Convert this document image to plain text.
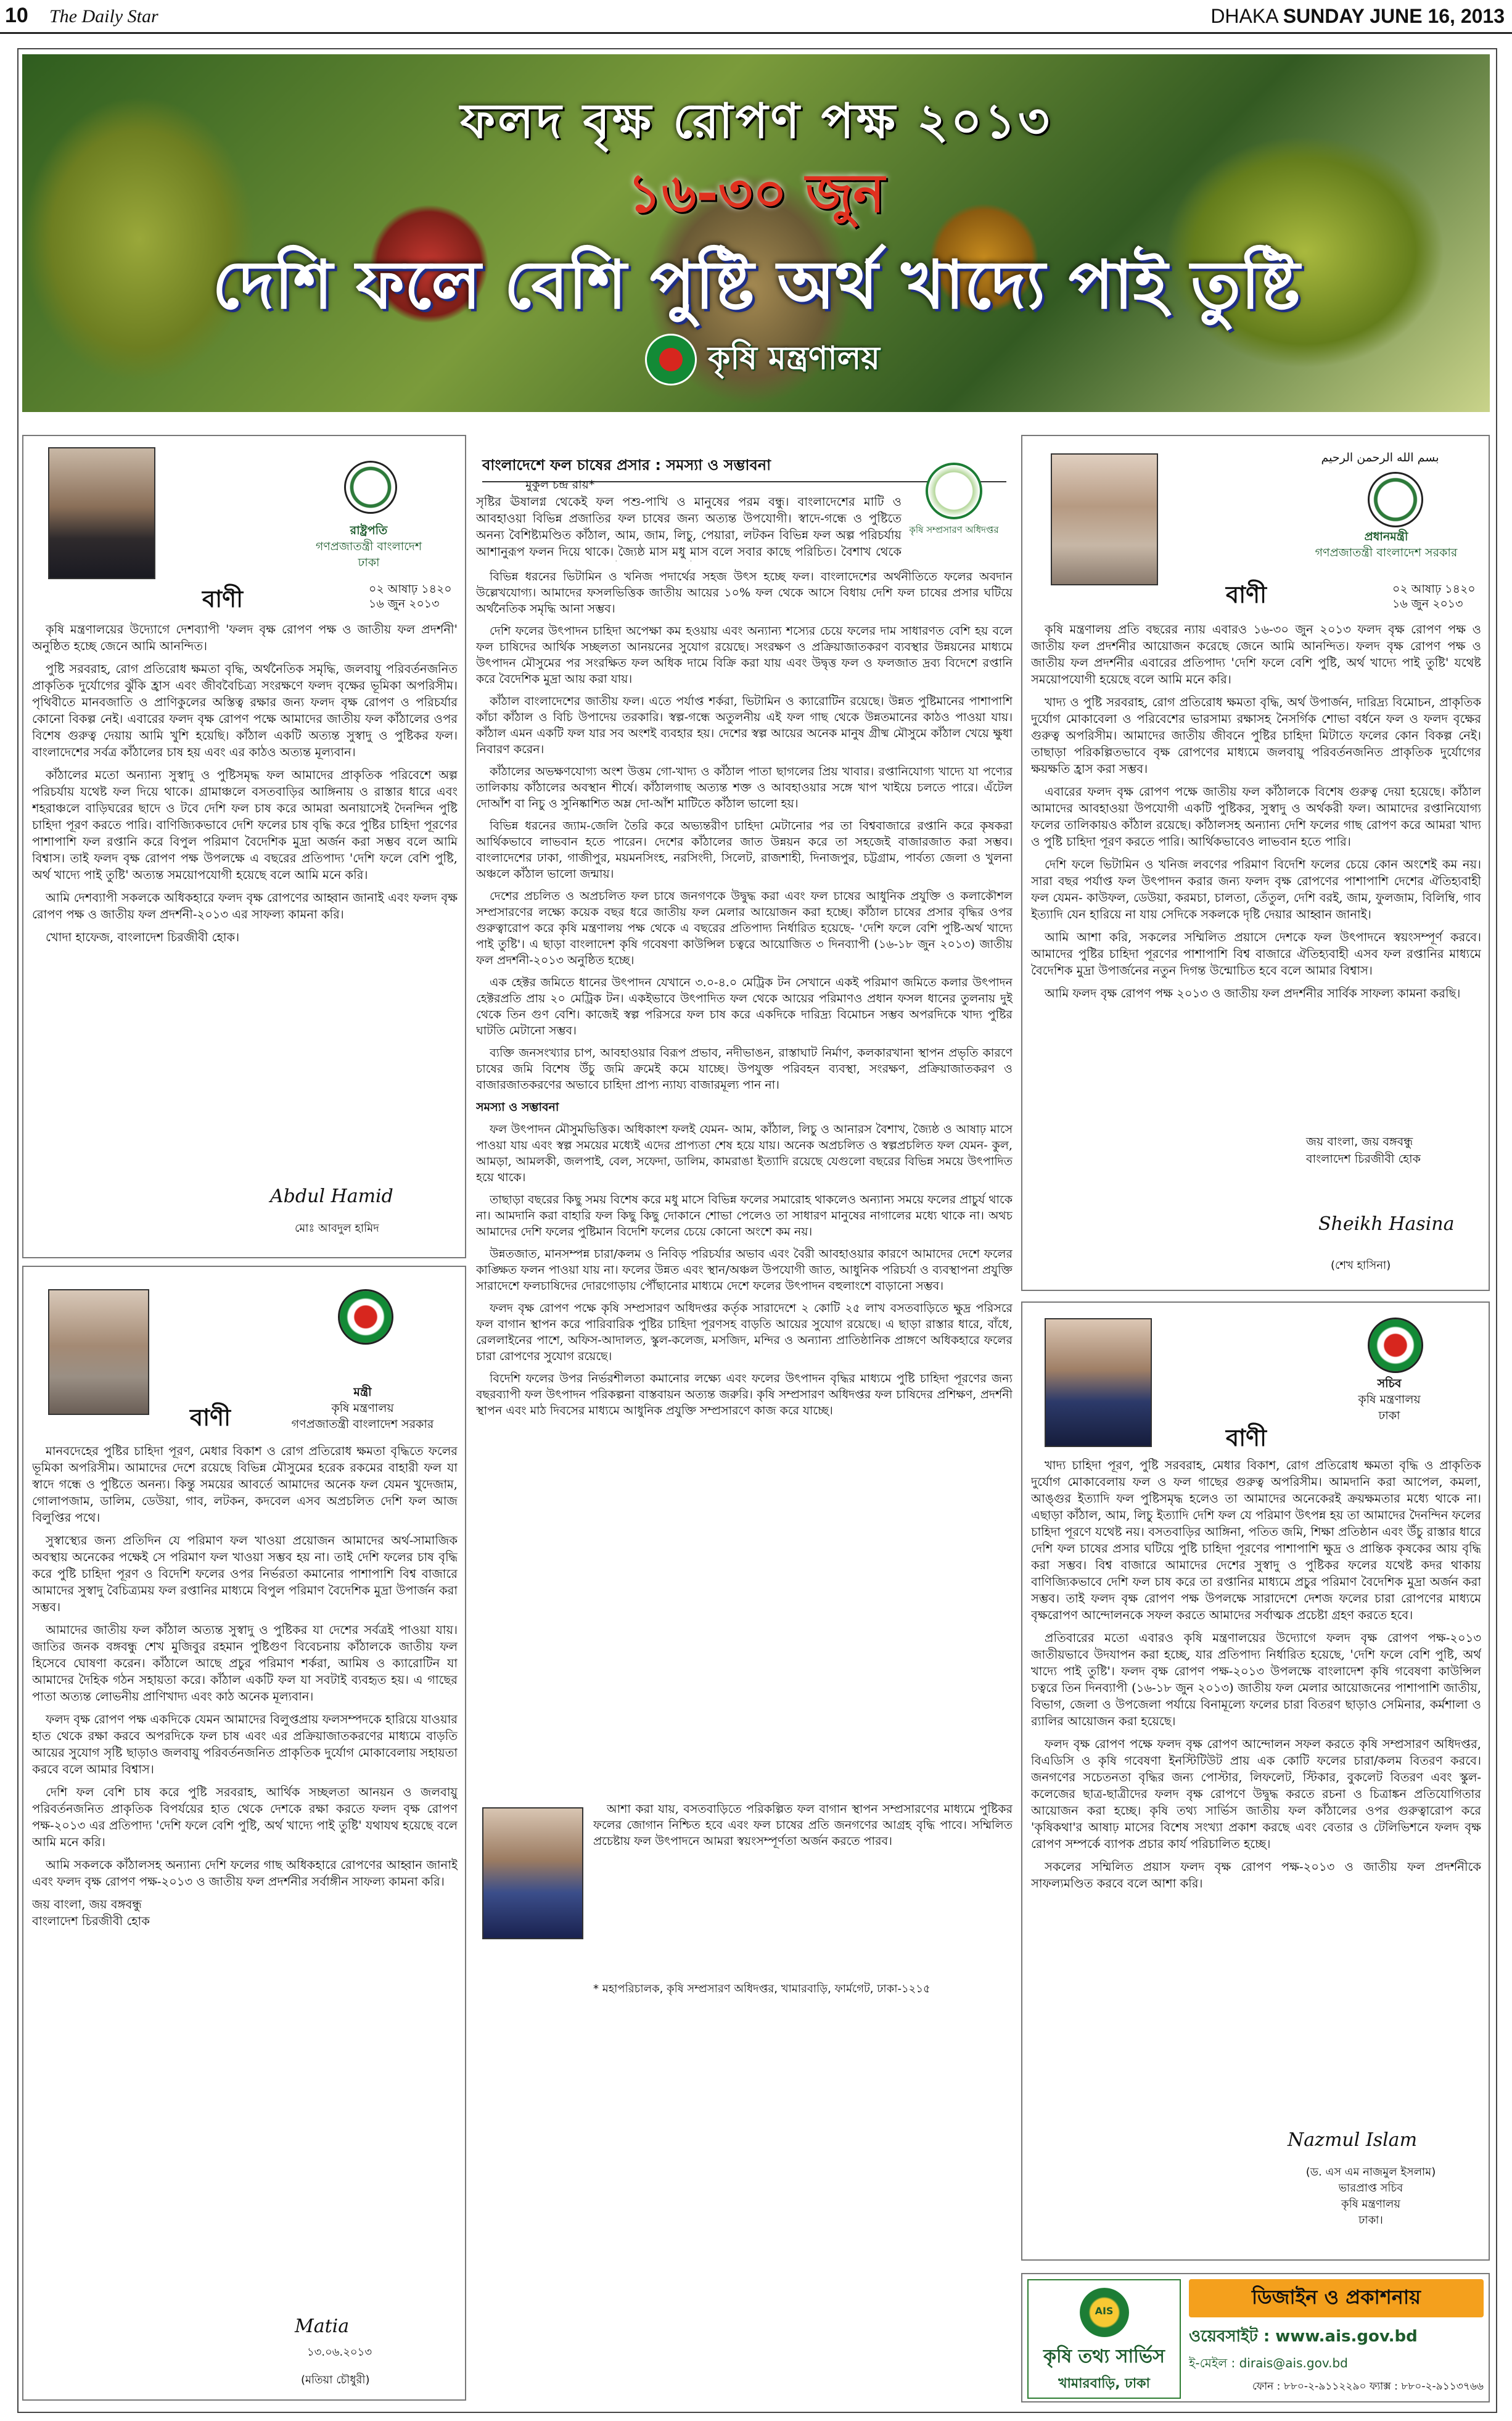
10 The Daily Star	DHAKA SUNDAY JUNE 16, 2013
ফলদ বৃক্ষ রোপণ পক্ষ ২০১৩
১৬-৩০ জুন
দেশি ফলে বেশি পুষ্টি অর্থ খাদ্যে পাই তুষ্টি
কৃষি মন্ত্রণালয়
রাষ্ট্রপতি
গণপ্রজাতন্ত্রী বাংলাদেশ
ঢাকা
বাণী	০২ আষাঢ় ১৪২০
১৬ জুন ২০১৩

কৃষি মন্ত্রণালয়ের উদ্যোগে দেশব্যাপী 'ফলদ বৃক্ষ রোপণ পক্ষ ও জাতীয় ফল প্রদর্শনী' অনুষ্ঠিত হচ্ছে জেনে আমি আনন্দিত।

পুষ্টি সরবরাহ, রোগ প্রতিরোধ ক্ষমতা বৃদ্ধি, অর্থনৈতিক সমৃদ্ধি, জলবায়ু পরিবর্তনজনিত প্রাকৃতিক দুর্যোগের ঝুঁকি হ্রাস এবং জীববৈচিত্র্য সংরক্ষণে ফলদ বৃক্ষের ভূমিকা অপরিসীম। পৃথিবীতে মানবজাতি ও প্রাণিকুলের অস্তিত্ব রক্ষার জন্য ফলদ বৃক্ষ রোপণ ও পরিচর্যার কোনো বিকল্প নেই। এবারের ফলদ বৃক্ষ রোপণ পক্ষে আমাদের জাতীয় ফল কাঁঠালের ওপর বিশেষ গুরুত্ব দেয়ায় আমি খুশি হয়েছি। কাঁঠাল একটি অত্যন্ত সুস্বাদু ও পুষ্টিকর ফল। বাংলাদেশের সর্বত্র কাঁঠালের চাষ হয় এবং এর কাঠও অত্যন্ত মূল্যবান।

কাঁঠালের মতো অন্যান্য সুস্বাদু ও পুষ্টিসমৃদ্ধ ফল আমাদের প্রাকৃতিক পরিবেশে অল্প পরিচর্যায় যথেষ্ট ফল দিয়ে থাকে। গ্রামাঞ্চলে বসতবাড়ির আঙ্গিনায় ও রাস্তার ধারে এবং শহরাঞ্চলে বাড়িঘরের ছাদে ও টবে দেশি ফল চাষ করে আমরা অনায়াসেই দৈনন্দিন পুষ্টি চাহিদা পূরণ করতে পারি। বাণিজ্যিকভাবে দেশি ফলের চাষ বৃদ্ধি করে পুষ্টির চাহিদা পূরণের পাশাপাশি ফল রপ্তানি করে বিপুল পরিমাণ বৈদেশিক মুদ্রা অর্জন করা সম্ভব বলে আমি বিশ্বাস। তাই ফলদ বৃক্ষ রোপণ পক্ষ উপলক্ষে এ বছরের প্রতিপাদ্য 'দেশি ফলে বেশি পুষ্টি, অর্থ খাদ্যে পাই তুষ্টি' অত্যন্ত সময়োপযোগী হয়েছে বলে আমি মনে করি।

আমি দেশব্যাপী সকলকে অধিকহারে ফলদ বৃক্ষ রোপণের আহ্বান জানাই এবং ফলদ বৃক্ষ রোপণ পক্ষ ও জাতীয় ফল প্রদর্শনী-২০১৩ এর সাফল্য কামনা করি।

খোদা হাফেজ, বাংলাদেশ চিরজীবী হোক।

Abdul Hamid
মোঃ আবদুল হামিদ
মন্ত্রী
কৃষি মন্ত্রণালয়
গণপ্রজাতন্ত্রী বাংলাদেশ সরকার
বাণী

মানবদেহের পুষ্টির চাহিদা পূরণ, মেধার বিকাশ ও রোগ প্রতিরোধ ক্ষমতা বৃদ্ধিতে ফলের ভূমিকা অপরিসীম। আমাদের দেশে রয়েছে বিভিন্ন মৌসুমের হরেক রকমের বাহারী ফল যা স্বাদে গন্ধে ও পুষ্টিতে অনন্য। কিন্তু সময়ের আবর্তে আমাদের অনেক ফল যেমন খুদেজাম, গোলাপজাম, ডালিম, ডেউয়া, গাব, লটকন, কদবেল এসব অপ্রচলিত দেশি ফল আজ বিলুপ্তির পথে।

সুস্বাস্থ্যের জন্য প্রতিদিন যে পরিমাণ ফল খাওয়া প্রয়োজন আমাদের অর্থ-সামাজিক অবস্থায় অনেকের পক্ষেই সে পরিমাণ ফল খাওয়া সম্ভব হয় না। তাই দেশি ফলের চাষ বৃদ্ধি করে পুষ্টি চাহিদা পূরণ ও বিদেশি ফলের ওপর নির্ভরতা কমানোর পাশাপাশি বিশ্ব বাজারে আমাদের সুস্বাদু বৈচিত্র্যময় ফল রপ্তানির মাধ্যমে বিপুল পরিমাণ বৈদেশিক মুদ্রা উপার্জন করা সম্ভব।

আমাদের জাতীয় ফল কাঁঠাল অত্যন্ত সুস্বাদু ও পুষ্টিকর যা দেশের সর্বত্রই পাওয়া যায়। জাতির জনক বঙ্গবন্ধু শেখ মুজিবুর রহমান পুষ্টিগুণ বিবেচনায় কাঁঠালকে জাতীয় ফল হিসেবে ঘোষণা করেন। কাঁঠালে আছে প্রচুর পরিমাণ শর্করা, আমিষ ও ক্যারোটিন যা আমাদের দৈহিক গঠন সহায়তা করে। কাঁঠাল একটি ফল যা সবটাই ব্যবহৃত হয়। এ গাছের পাতা অত্যন্ত লোভনীয় প্রাণিখাদ্য এবং কাঠ অনেক মূল্যবান।

ফলদ বৃক্ষ রোপণ পক্ষ একদিকে যেমন আমাদের বিলুপ্তপ্রায় ফলসম্পদকে হারিয়ে যাওয়ার হাত থেকে রক্ষা করবে অপরদিকে ফল চাষ এবং এর প্রক্রিয়াজাতকরণের মাধ্যমে বাড়তি আয়ের সুযোগ সৃষ্টি ছাড়াও জলবায়ু পরিবর্তনজনিত প্রাকৃতিক দুর্যোগ মোকাবেলায় সহায়তা করবে বলে আমার বিশ্বাস।

দেশি ফল বেশি চাষ করে পুষ্টি সরবরাহ, আর্থিক সচ্ছলতা আনয়ন ও জলবায়ু পরিবর্তনজনিত প্রাকৃতিক বিপর্যয়ের হাত থেকে দেশকে রক্ষা করতে ফলদ বৃক্ষ রোপণ পক্ষ-২০১৩ এর প্রতিপাদ্য 'দেশি ফলে বেশি পুষ্টি, অর্থ খাদ্যে পাই তুষ্টি' যথাযথ হয়েছে বলে আমি মনে করি।

আমি সকলকে কাঁঠালসহ অন্যান্য দেশি ফলের গাছ অধিকহারে রোপণের আহ্বান জানাই এবং ফলদ বৃক্ষ রোপণ পক্ষ-২০১৩ ও জাতীয় ফল প্রদর্শনীর সর্বাঙ্গীন সাফল্য কামনা করি।

জয় বাংলা, জয় বঙ্গবন্ধু

বাংলাদেশ চিরজীবী হোক

Matia
১৩.০৬.২০১৩
(মতিয়া চৌধুরী)
বাংলাদেশে ফল চাষের প্রসার : সমস্যা ও সম্ভাবনা
মুকুল চন্দ্র রায়*
কৃষি সম্প্রসারণ অধিদপ্তর

সৃষ্টির ঊষালগ্ন থেকেই ফল পশু-পাখি ও মানুষের পরম বন্ধু। বাংলাদেশের মাটি ও আবহাওয়া বিভিন্ন প্রজাতির ফল চাষের জন্য অত্যন্ত উপযোগী। স্বাদে-গন্ধে ও পুষ্টিতে অনন্য বৈশিষ্ট্যমণ্ডিত কাঁঠাল, আম, জাম, লিচু, পেয়ারা, লটকন বিভিন্ন ফল অল্প পরিচর্যায় আশানুরূপ ফলন দিয়ে থাকে। জ্যৈষ্ঠ মাস মধু মাস বলে সবার কাছে পরিচিত। বৈশাখ থেকে

বিভিন্ন ধরনের ভিটামিন ও খনিজ পদার্থের সহজ উৎস হচ্ছে ফল। বাংলাদেশের অর্থনীতিতে ফলের অবদান উল্লেখযোগ্য। আমাদের ফসলভিত্তিক জাতীয় আয়ের ১০% ফল থেকে আসে বিধায় দেশি ফল চাষের প্রসার ঘটিয়ে অর্থনৈতিক সমৃদ্ধি আনা সম্ভব।

দেশি ফলের উৎপাদন চাহিদা অপেক্ষা কম হওয়ায় এবং অন্যান্য শস্যের চেয়ে ফলের দাম সাধারণত বেশি হয় বলে ফল চাষিদের আর্থিক সচ্ছলতা আনয়নের সুযোগ রয়েছে। সংরক্ষণ ও প্রক্রিয়াজাতকরণ ব্যবস্থার উন্নয়নের মাধ্যমে উৎপাদন মৌসুমের পর সংরক্ষিত ফল অধিক দামে বিক্রি করা যায় এবং উদ্বৃত্ত ফল ও ফলজাত দ্রব্য বিদেশে রপ্তানি করে বৈদেশিক মুদ্রা আয় করা যায়।

কাঁঠাল বাংলাদেশের জাতীয় ফল। এতে পর্যাপ্ত শর্করা, ভিটামিন ও ক্যারোটিন রয়েছে। উন্নত পুষ্টিমানের পাশাপাশি কাঁচা কাঁঠাল ও বিচি উপাদেয় তরকারি। স্বল্প-গন্ধে অতুলনীয় এই ফল গাছ থেকে উন্নতমানের কাঠও পাওয়া যায়। কাঁঠাল এমন একটি ফল যার সব অংশই ব্যবহার হয়। দেশের স্বল্প আয়ের অনেক মানুষ গ্রীষ্ম মৌসুমে কাঁঠাল খেয়ে ক্ষুধা নিবারণ করেন।

কাঁঠালের অভক্ষণযোগ্য অংশ উত্তম গো-খাদ্য ও কাঁঠাল পাতা ছাগলের প্রিয় খাবার। রপ্তানিযোগ্য খাদ্যে যা পণ্যের তালিকায় কাঁঠালের অবস্থান শীর্ষে। কাঁঠালগাছ অত্যন্ত শক্ত ও আবহাওয়ার সঙ্গে খাপ খাইয়ে চলতে পারে। এঁটেল দোআঁশ বা নিচু ও সুনিষ্কাশিত অম্ল দো-আঁশ মাটিতে কাঁঠাল ভালো হয়।

বিভিন্ন ধরনের জ্যাম-জেলি তৈরি করে অভ্যন্তরীণ চাহিদা মেটানোর পর তা বিশ্ববাজারে রপ্তানি করে কৃষকরা আর্থিকভাবে লাভবান হতে পারেন। দেশের কাঁঠালের জাত উন্নয়ন করে তা সহজেই বাজারজাত করা সম্ভব। বাংলাদেশের ঢাকা, গাজীপুর, ময়মনসিংহ, নরসিংদী, সিলেট, রাজশাহী, দিনাজপুর, চট্টগ্রাম, পার্বত্য জেলা ও খুলনা অঞ্চলে কাঁঠাল ভালো জন্মায়।

দেশের প্রচলিত ও অপ্রচলিত ফল চাষে জনগণকে উদ্বুদ্ধ করা এবং ফল চাষের আধুনিক প্রযুক্তি ও কলাকৌশল সম্প্রসারণের লক্ষ্যে কয়েক বছর ধরে জাতীয় ফল মেলার আয়োজন করা হচ্ছে। কাঁঠাল চাষের প্রসার বৃদ্ধির ওপর গুরুত্বারোপ করে কৃষি মন্ত্রণালয় পক্ষ থেকে এ বছরের প্রতিপাদ্য নির্ধারিত হয়েছে- 'দেশি ফলে বেশি পুষ্টি-অর্থ খাদ্যে পাই তুষ্টি'। এ ছাড়া বাংলাদেশ কৃষি গবেষণা কাউন্সিল চত্বরে আয়োজিত ৩ দিনব্যাপী (১৬-১৮ জুন ২০১৩) জাতীয় ফল প্রদর্শনী-২০১৩ অনুষ্ঠিত হচ্ছে।

এক হেক্টর জমিতে ধানের উৎপাদন যেখানে ৩.০-৪.০ মেট্রিক টন সেখানে একই পরিমাণ জমিতে কলার উৎপাদন হেক্টরপ্রতি প্রায় ২০ মেট্রিক টন। একইভাবে উৎপাদিত ফল থেকে আয়ের পরিমাণও প্রধান ফসল ধানের তুলনায় দুই থেকে তিন গুণ বেশি। কাজেই স্বল্প পরিসরে ফল চাষ করে একদিকে দারিদ্র্য বিমোচন সম্ভব অপরদিকে খাদ্য পুষ্টির ঘাটতি মেটানো সম্ভব।

ব্যক্তি জনসংখ্যার চাপ, আবহাওয়ার বিরূপ প্রভাব, নদীভাঙন, রাস্তাঘাট নির্মাণ, কলকারখানা স্থাপন প্রভৃতি কারণে চাষের জমি বিশেষ উঁচু জমি ক্রমেই কমে যাচ্ছে। উপযুক্ত পরিবহন ব্যবস্থা, সংরক্ষণ, প্রক্রিয়াজাতকরণ ও বাজারজাতকরণের অভাবে চাহিদা প্রাপ্য ন্যায্য বাজারমূল্য পান না।

সমস্যা ও সম্ভাবনা

ফল উৎপাদন মৌসুমভিত্তিক। অধিকাংশ ফলই যেমন- আম, কাঁঠাল, লিচু ও আনারস বৈশাখ, জ্যৈষ্ঠ ও আষাঢ় মাসে পাওয়া যায় এবং স্বল্প সময়ের মধ্যেই এদের প্রাপ্যতা শেষ হয়ে যায়। অনেক অপ্রচলিত ও স্বল্পপ্রচলিত ফল যেমন- কুল, আমড়া, আমলকী, জলপাই, বেল, সফেদা, ডালিম, কামরাঙা ইত্যাদি রয়েছে যেগুলো বছরের বিভিন্ন সময়ে উৎপাদিত হয়ে থাকে।

তাছাড়া বছরের কিছু সময় বিশেষ করে মধু মাসে বিভিন্ন ফলের সমারোহ থাকলেও অন্যান্য সময়ে ফলের প্রাচুর্য থাকে না। আমদানি করা বাহারি ফল কিছু কিছু দোকানে শোভা পেলেও তা সাধারণ মানুষের নাগালের মধ্যে থাকে না। অথচ আমাদের দেশি ফলের পুষ্টিমান বিদেশি ফলের চেয়ে কোনো অংশে কম নয়।

উন্নতজাত, মানসম্পন্ন চারা/কলম ও নিবিড় পরিচর্যার অভাব এবং বৈরী আবহাওয়ার কারণে আমাদের দেশে ফলের কাঙ্ক্ষিত ফলন পাওয়া যায় না। ফলের উন্নত এবং স্থান/অঞ্চল উপযোগী জাত, আধুনিক পরিচর্যা ও ব্যবস্থাপনা প্রযুক্তি সারাদেশে ফলচাষিদের দোরগোড়ায় পৌঁছানোর মাধ্যমে দেশে ফলের উৎপাদন বহুলাংশে বাড়ানো সম্ভব।

ফলদ বৃক্ষ রোপণ পক্ষে কৃষি সম্প্রসারণ অধিদপ্তর কর্তৃক সারাদেশে ২ কোটি ২৫ লাখ বসতবাড়িতে ক্ষুদ্র পরিসরে ফল বাগান স্থাপন করে পারিবারিক পুষ্টির চাহিদা পূরণসহ বাড়তি আয়ের সুযোগ রয়েছে। এ ছাড়া রাস্তার ধারে, বাঁধে, রেললাইনের পাশে, অফিস-আদালত, স্কুল-কলেজ, মসজিদ, মন্দির ও অন্যান্য প্রাতিষ্ঠানিক প্রাঙ্গণে অধিকহারে ফলের চারা রোপণের সুযোগ রয়েছে।

বিদেশি ফলের উপর নির্ভরশীলতা কমানোর লক্ষ্যে এবং ফলের উৎপাদন বৃদ্ধির মাধ্যমে পুষ্টি চাহিদা পূরণের জন্য বছরব্যাপী ফল উৎপাদন পরিকল্পনা বাস্তবায়ন অত্যন্ত জরুরি। কৃষি সম্প্রসারণ অধিদপ্তর ফল চাষিদের প্রশিক্ষণ, প্রদর্শনী স্থাপন এবং মাঠ দিবসের মাধ্যমে আধুনিক প্রযুক্তি সম্প্রসারণে কাজ করে যাচ্ছে।

আশা করা যায়, বসতবাড়িতে পরিকল্পিত ফল বাগান স্থাপন সম্প্রসারণের মাধ্যমে পুষ্টিকর ফলের জোগান নিশ্চিত হবে এবং ফল চাষের প্রতি জনগণের আগ্রহ বৃদ্ধি পাবে। সম্মিলিত প্রচেষ্টায় ফল উৎপাদনে আমরা স্বয়ংসম্পূর্ণতা অর্জন করতে পারব।

* মহাপরিচালক, কৃষি সম্প্রসারণ অধিদপ্তর, খামারবাড়ি, ফার্মগেট, ঢাকা-১২১৫
بسم الله الرحمن الرحيم
প্রধানমন্ত্রী
গণপ্রজাতন্ত্রী বাংলাদেশ সরকার
বাণী	০২ আষাঢ় ১৪২০
১৬ জুন ২০১৩

কৃষি মন্ত্রণালয় প্রতি বছরের ন্যায় এবারও ১৬-৩০ জুন ২০১৩ ফলদ বৃক্ষ রোপণ পক্ষ ও জাতীয় ফল প্রদর্শনীর আয়োজন করেছে জেনে আমি আনন্দিত। ফলদ বৃক্ষ রোপণ পক্ষ ও জাতীয় ফল প্রদর্শনীর এবারের প্রতিপাদ্য 'দেশি ফলে বেশি পুষ্টি, অর্থ খাদ্যে পাই তুষ্টি' যথেষ্ট সময়োপযোগী হয়েছে বলে আমি মনে করি।

খাদ্য ও পুষ্টি সরবরাহ, রোগ প্রতিরোধ ক্ষমতা বৃদ্ধি, অর্থ উপার্জন, দারিদ্র্য বিমোচন, প্রাকৃতিক দুর্যোগ মোকাবেলা ও পরিবেশের ভারসাম্য রক্ষাসহ নৈসর্গিক শোভা বর্ধনে ফল ও ফলদ বৃক্ষের গুরুত্ব অপরিসীম। আমাদের জাতীয় জীবনে পুষ্টির চাহিদা মিটাতে ফলের কোন বিকল্প নেই। তাছাড়া পরিকল্পিতভাবে বৃক্ষ রোপণের মাধ্যমে জলবায়ু পরিবর্তনজনিত প্রাকৃতিক দুর্যোগের ক্ষয়ক্ষতি হ্রাস করা সম্ভব।

এবারের ফলদ বৃক্ষ রোপণ পক্ষে জাতীয় ফল কাঁঠালকে বিশেষ গুরুত্ব দেয়া হয়েছে। কাঁঠাল আমাদের আবহাওয়া উপযোগী একটি পুষ্টিকর, সুস্বাদু ও অর্থকরী ফল। আমাদের রপ্তানিযোগ্য ফলের তালিকায়ও কাঁঠাল রয়েছে। কাঁঠালসহ অন্যান্য দেশি ফলের গাছ রোপণ করে আমরা খাদ্য ও পুষ্টি চাহিদা পূরণ করতে পারি। আর্থিকভাবেও লাভবান হতে পারি।

দেশি ফলে ভিটামিন ও খনিজ লবণের পরিমাণ বিদেশি ফলের চেয়ে কোন অংশেই কম নয়। সারা বছর পর্যাপ্ত ফল উৎপাদন করার জন্য ফলদ বৃক্ষ রোপণের পাশাপাশি দেশের ঐতিহ্যবাহী ফল যেমন- কাউফল, ডেউয়া, করমচা, চালতা, তেঁতুল, দেশি বরই, জাম, ফুলজাম, বিলিম্বি, গাব ইত্যাদি যেন হারিয়ে না যায় সেদিকে সকলকে দৃষ্টি দেয়ার আহ্বান জানাই।

আমি আশা করি, সকলের সম্মিলিত প্রয়াসে দেশকে ফল উৎপাদনে স্বয়ংসম্পূর্ণ করবে। আমাদের পুষ্টির চাহিদা পূরণের পাশাপাশি বিশ্ব বাজারে ঐতিহ্যবাহী এসব ফল রপ্তানির মাধ্যমে বৈদেশিক মুদ্রা উপার্জনের নতুন দিগন্ত উন্মোচিত হবে বলে আমার বিশ্বাস।

আমি ফলদ বৃক্ষ রোপণ পক্ষ ২০১৩ ও জাতীয় ফল প্রদর্শনীর সার্বিক সাফল্য কামনা করছি।

জয় বাংলা, জয় বঙ্গবন্ধু
বাংলাদেশ চিরজীবী হোক
Sheikh Hasina
(শেখ হাসিনা)
সচিব
কৃষি মন্ত্রণালয়
ঢাকা
বাণী

খাদ্য চাহিদা পূরণ, পুষ্টি সরবরাহ, মেধার বিকাশ, রোগ প্রতিরোধ ক্ষমতা বৃদ্ধি ও প্রাকৃতিক দুর্যোগ মোকাবেলায় ফল ও ফল গাছের গুরুত্ব অপরিসীম। আমদানি করা আপেল, কমলা, আঙ্গুর ইত্যাদি ফল পুষ্টিসমৃদ্ধ হলেও তা আমাদের অনেকেরই ক্রয়ক্ষমতার মধ্যে থাকে না। এছাড়া কাঁঠাল, আম, লিচু ইত্যাদি দেশি ফল যে পরিমাণ উৎপন্ন হয় তা আমাদের দৈনন্দিন ফলের চাহিদা পূরণে যথেষ্ট নয়। বসতবাড়ির আঙ্গিনা, পতিত জমি, শিক্ষা প্রতিষ্ঠান এবং উঁচু রাস্তার ধারে দেশি ফল চাষের প্রসার ঘটিয়ে পুষ্টি চাহিদা পূরণের পাশাপাশি ক্ষুদ্র ও প্রান্তিক কৃষকের আয় বৃদ্ধি করা সম্ভব। বিশ্ব বাজারে আমাদের দেশের সুস্বাদু ও পুষ্টিকর ফলের যথেষ্ট কদর থাকায় বাণিজ্যিকভাবে দেশি ফল চাষ করে তা রপ্তানির মাধ্যমে প্রচুর পরিমাণ বৈদেশিক মুদ্রা অর্জন করা সম্ভব। তাই ফলদ বৃক্ষ রোপণ পক্ষ উপলক্ষে সারাদেশে দেশজ ফলের চারা রোপণের মাধ্যমে বৃক্ষরোপণ আন্দোলনকে সফল করতে আমাদের সর্বাত্মক প্রচেষ্টা গ্রহণ করতে হবে।

প্রতিবারের মতো এবারও কৃষি মন্ত্রণালয়ের উদ্যোগে ফলদ বৃক্ষ রোপণ পক্ষ-২০১৩ জাতীয়ভাবে উদযাপন করা হচ্ছে, যার প্রতিপাদ্য নির্ধারিত হয়েছে, 'দেশি ফলে বেশি পুষ্টি, অর্থ খাদ্যে পাই তুষ্টি'। ফলদ বৃক্ষ রোপণ পক্ষ-২০১৩ উপলক্ষে বাংলাদেশ কৃষি গবেষণা কাউন্সিল চত্বরে তিন দিনব্যাপী (১৬-১৮ জুন ২০১৩) জাতীয় ফল মেলার আয়োজনের পাশাপাশি জাতীয়, বিভাগ, জেলা ও উপজেলা পর্যায়ে বিনামূল্যে ফলের চারা বিতরণ ছাড়াও সেমিনার, কর্মশালা ও র‍্যালির আয়োজন করা হয়েছে।

ফলদ বৃক্ষ রোপণ পক্ষে ফলদ বৃক্ষ রোপণ আন্দোলন সফল করতে কৃষি সম্প্রসারণ অধিদপ্তর, বিএডিসি ও কৃষি গবেষণা ইনস্টিটিউট প্রায় এক কোটি ফলের চারা/কলম বিতরণ করবে। জনগণের সচেতনতা বৃদ্ধির জন্য পোস্টার, লিফলেট, স্টিকার, বুকলেট বিতরণ এবং স্কুল-কলেজের ছাত্র-ছাত্রীদের ফলদ বৃক্ষ রোপণে উদ্বুদ্ধ করতে রচনা ও চিত্রাঙ্কন প্রতিযোগিতার আয়োজন করা হচ্ছে। কৃষি তথ্য সার্ভিস জাতীয় ফল কাঁঠালের ওপর গুরুত্বারোপ করে 'কৃষিকথা'র আষাঢ় মাসের বিশেষ সংখ্যা প্রকাশ করছে এবং বেতার ও টেলিভিশনে ফলদ বৃক্ষ রোপণ সম্পর্কে ব্যাপক প্রচার কার্য পরিচালিত হচ্ছে।

সকলের সম্মিলিত প্রয়াস ফলদ বৃক্ষ রোপণ পক্ষ-২০১৩ ও জাতীয় ফল প্রদর্শনীকে সাফল্যমণ্ডিত করবে বলে আশা করি।

Nazmul Islam
(ড. এস এম নাজমুল ইসলাম)
ভারপ্রাপ্ত সচিব
কৃষি মন্ত্রণালয়
ঢাকা।
AIS
কৃষি তথ্য সার্ভিস
খামারবাড়ি, ঢাকা
ডিজাইন ও প্রকাশনায়
ওয়েবসাইট : www.ais.gov.bd
ই-মেইল : dirais@ais.gov.bd
ফোন : ৮৮০-২-৯১১২২৯০ ফ্যাক্স : ৮৮০-২-৯১১৩৭৬৬
